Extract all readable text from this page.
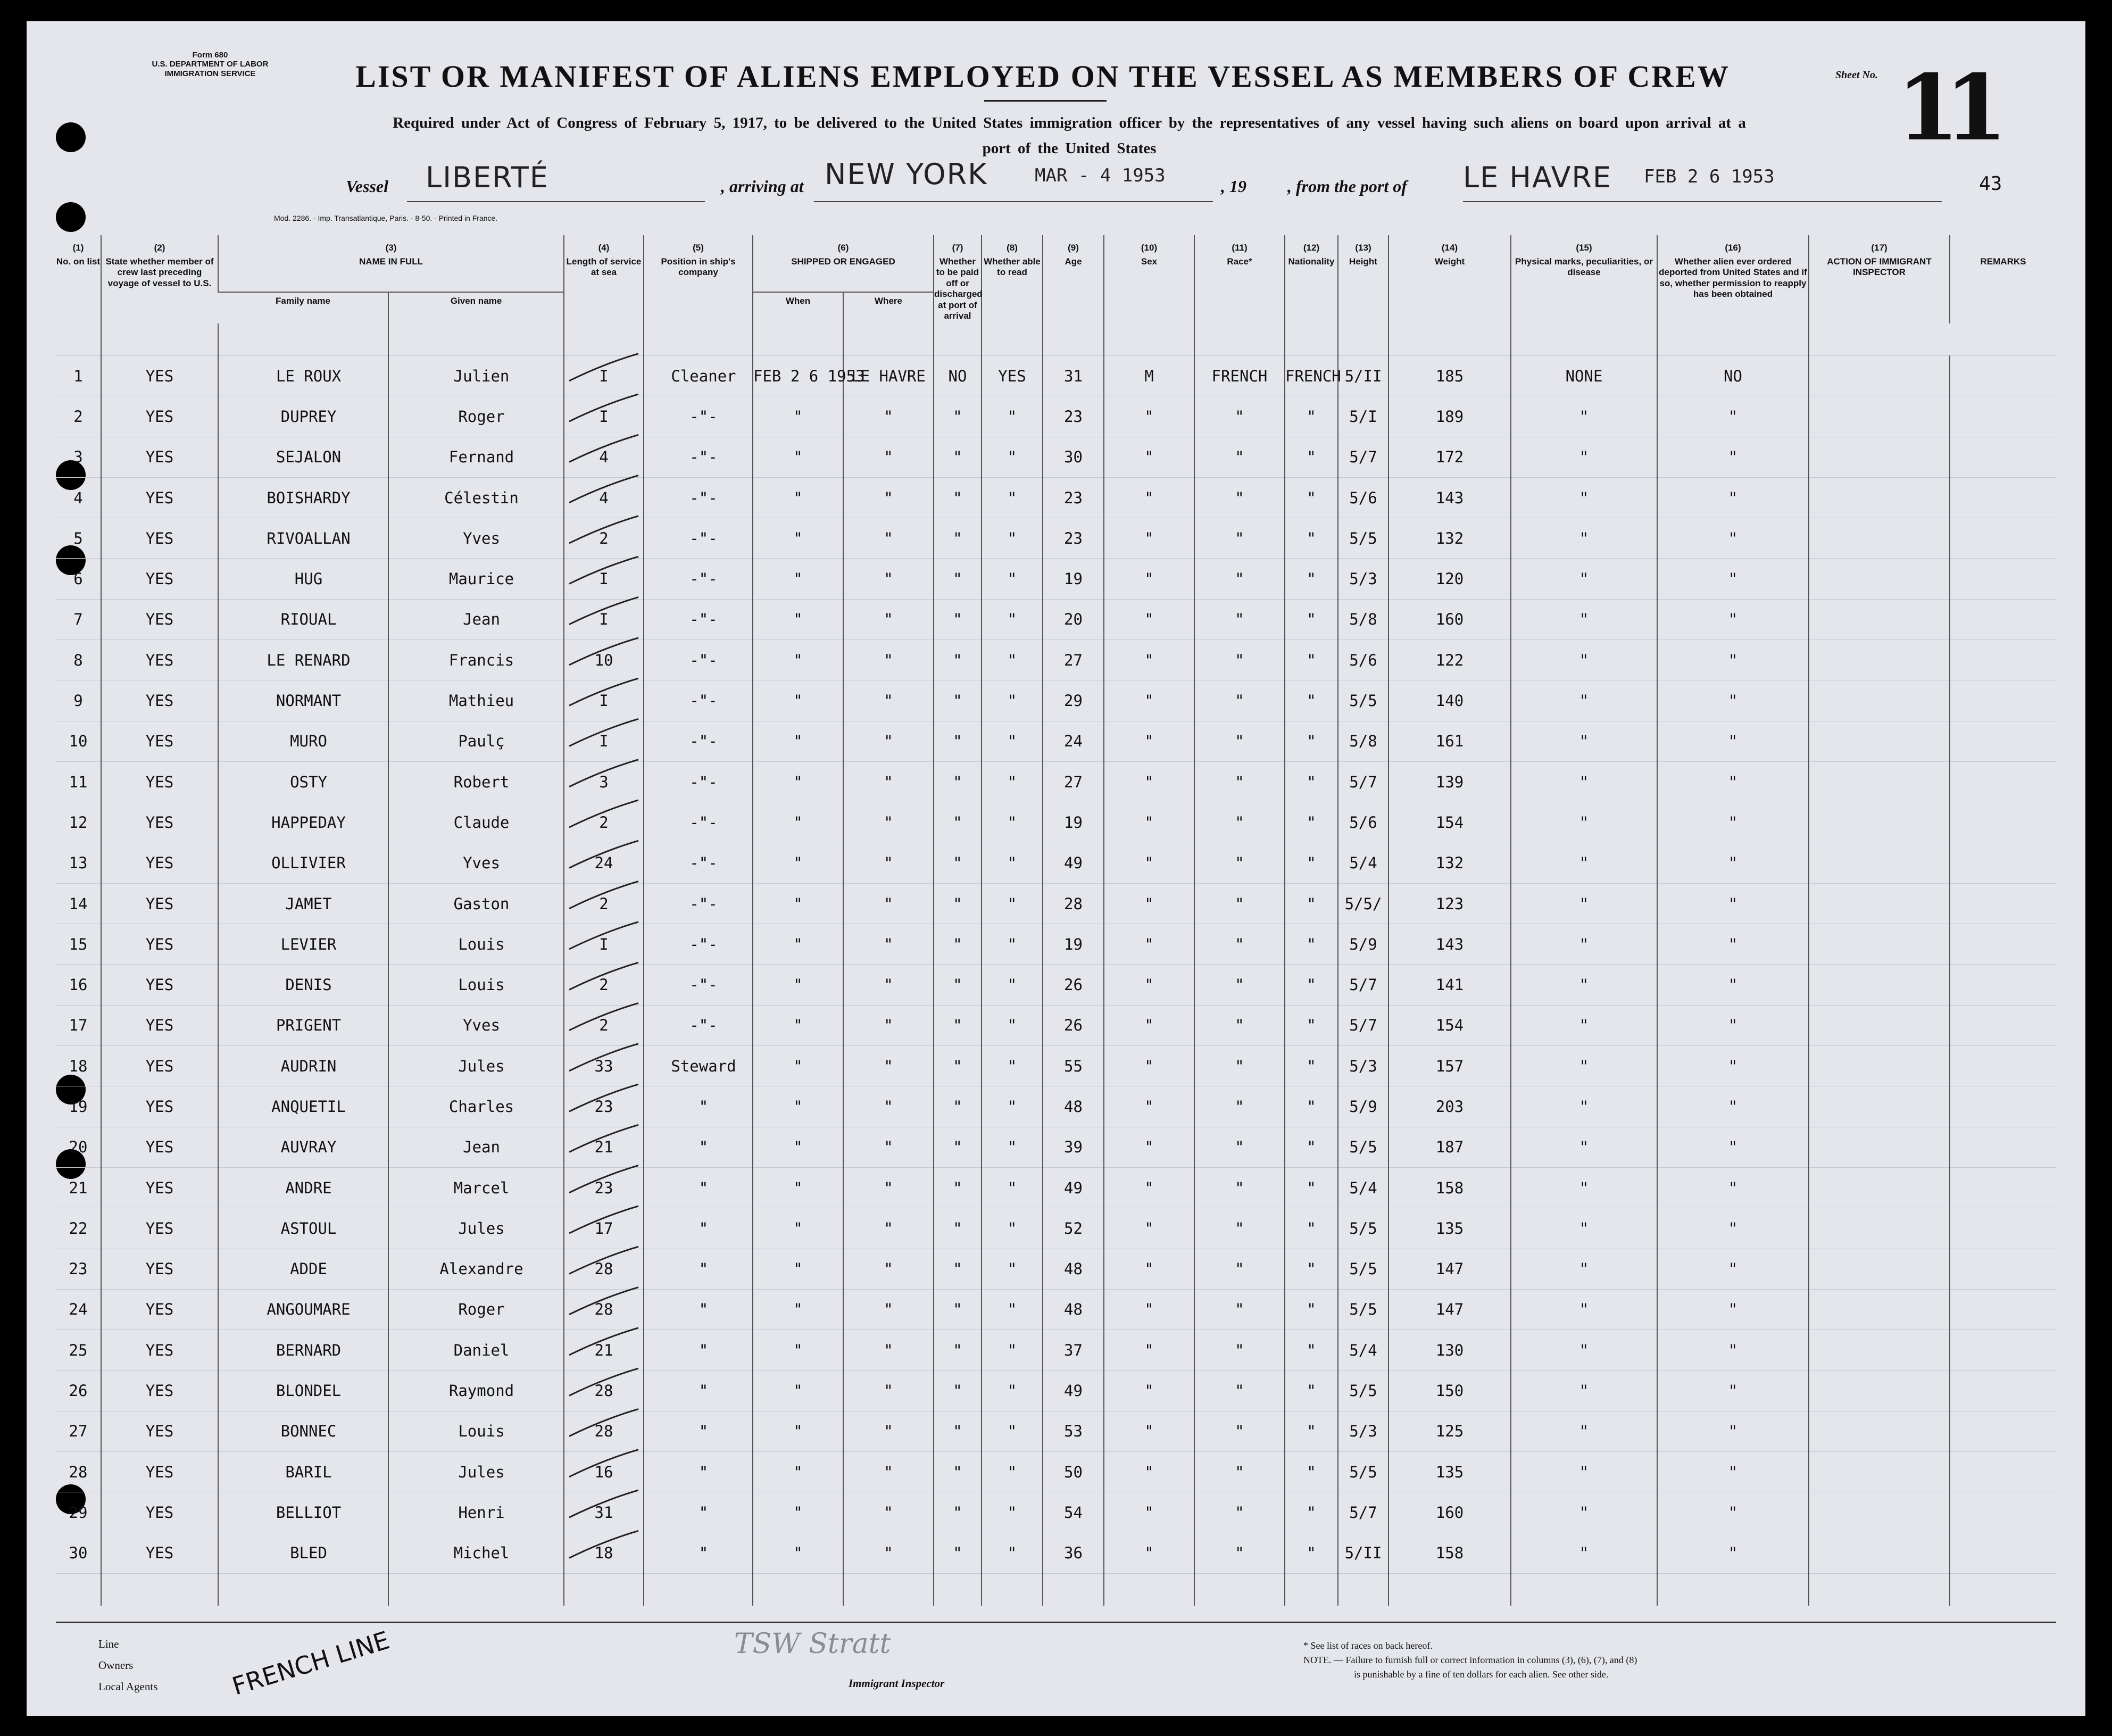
Form 680
U.S. DEPARTMENT OF LABOR
IMMIGRATION SERVICE	LIST OR MANIFEST OF ALIENS EMPLOYED ON THE VESSEL AS MEMBERS OF CREW
Required under Act of Congress of February 5, 1917, to be delivered to the United States immigration officer by the representatives of any vessel having such aliens on board upon arrival at a
port of the United States
Sheet No. 11
43
Vessel LIBERTÉ	, arriving at NEW YORK	MAR - 4 1953	, 19 , from the port of LE HAVRE FEB 2 6 1953
Mod. 2286. - Imp. Transatlantique, Paris. - 8-50. - Printed in France.
(1)	(2)	(3)		(4)	(5)	(6)		(7)	(8)	(9)	(10)	(11)	(12)	(13)	(14)	(15)	(16)	(17)	
No. on list	State whether member of crew last preceding voyage of vessel to U.S.	NAME IN FULL		Length of service at sea	Position in ship's company	SHIPPED OR ENGAGED		Whether to be paid off or discharged at port of arrival	Whether able to read	Age	Sex	Race*	Nationality	Height	Weight	Physical marks, peculiarities, or disease	Whether alien ever ordered deported from United States and if so, whether permission to reapply has been obtained	ACTION OF IMMIGRANT INSPECTOR	REMARKS
		Family name	Given name			When	Where												

1	YES	LE ROUX	Julien	I	Cleaner	FEB 2 6 1953	LE HAVRE	NO	YES	31	M	FRENCH	FRENCH	5/II	185	NONE	NO		
2	YES	DUPREY	Roger	I	-"-	"	"	"	"	23	"	"	"	5/I	189	"	"		
3	YES	SEJALON	Fernand	4	-"-	"	"	"	"	30	"	"	"	5/7	172	"	"		
4	YES	BOISHARDY	Célestin	4	-"-	"	"	"	"	23	"	"	"	5/6	143	"	"		
5	YES	RIVOALLAN	Yves	2	-"-	"	"	"	"	23	"	"	"	5/5	132	"	"		
6	YES	HUG	Maurice	I	-"-	"	"	"	"	19	"	"	"	5/3	120	"	"		
7	YES	RIOUAL	Jean	I	-"-	"	"	"	"	20	"	"	"	5/8	160	"	"		
8	YES	LE RENARD	Francis	10	-"-	"	"	"	"	27	"	"	"	5/6	122	"	"		
9	YES	NORMANT	Mathieu	I	-"-	"	"	"	"	29	"	"	"	5/5	140	"	"		
10	YES	MURO	Paulç	I	-"-	"	"	"	"	24	"	"	"	5/8	161	"	"		
11	YES	OSTY	Robert	3	-"-	"	"	"	"	27	"	"	"	5/7	139	"	"		
12	YES	HAPPEDAY	Claude	2	-"-	"	"	"	"	19	"	"	"	5/6	154	"	"		
13	YES	OLLIVIER	Yves	24	-"-	"	"	"	"	49	"	"	"	5/4	132	"	"		
14	YES	JAMET	Gaston	2	-"-	"	"	"	"	28	"	"	"	5/5/	123	"	"		
15	YES	LEVIER	Louis	I	-"-	"	"	"	"	19	"	"	"	5/9	143	"	"		
16	YES	DENIS	Louis	2	-"-	"	"	"	"	26	"	"	"	5/7	141	"	"		
17	YES	PRIGENT	Yves	2	-"-	"	"	"	"	26	"	"	"	5/7	154	"	"		
18	YES	AUDRIN	Jules	33	Steward	"	"	"	"	55	"	"	"	5/3	157	"	"		
19	YES	ANQUETIL	Charles	23	"	"	"	"	"	48	"	"	"	5/9	203	"	"		
20	YES	AUVRAY	Jean	21	"	"	"	"	"	39	"	"	"	5/5	187	"	"		
21	YES	ANDRE	Marcel	23	"	"	"	"	"	49	"	"	"	5/4	158	"	"		
22	YES	ASTOUL	Jules	17	"	"	"	"	"	52	"	"	"	5/5	135	"	"		
23	YES	ADDE	Alexandre	28	"	"	"	"	"	48	"	"	"	5/5	147	"	"		
24	YES	ANGOUMARE	Roger	28	"	"	"	"	"	48	"	"	"	5/5	147	"	"		
25	YES	BERNARD	Daniel	21	"	"	"	"	"	37	"	"	"	5/4	130	"	"		
26	YES	BLONDEL	Raymond	28	"	"	"	"	"	49	"	"	"	5/5	150	"	"		
27	YES	BONNEC	Louis	28	"	"	"	"	"	53	"	"	"	5/3	125	"	"		
28	YES	BARIL	Jules	16	"	"	"	"	"	50	"	"	"	5/5	135	"	"		
29	YES	BELLIOT	Henri	31	"	"	"	"	"	54	"	"	"	5/7	160	"	"		
30	YES	BLED	Michel	18	"	"	"	"	"	36	"	"	"	5/II	158	"	"		

Line
Owners
Local Agents	FRENCH LINE	TSW Stratt
Immigrant Inspector
* See list of races on back hereof.
NOTE. — Failure to furnish full or correct information in columns (3), (6), (7), and (8)
is punishable by a fine of ten dollars for each alien. See other side.
